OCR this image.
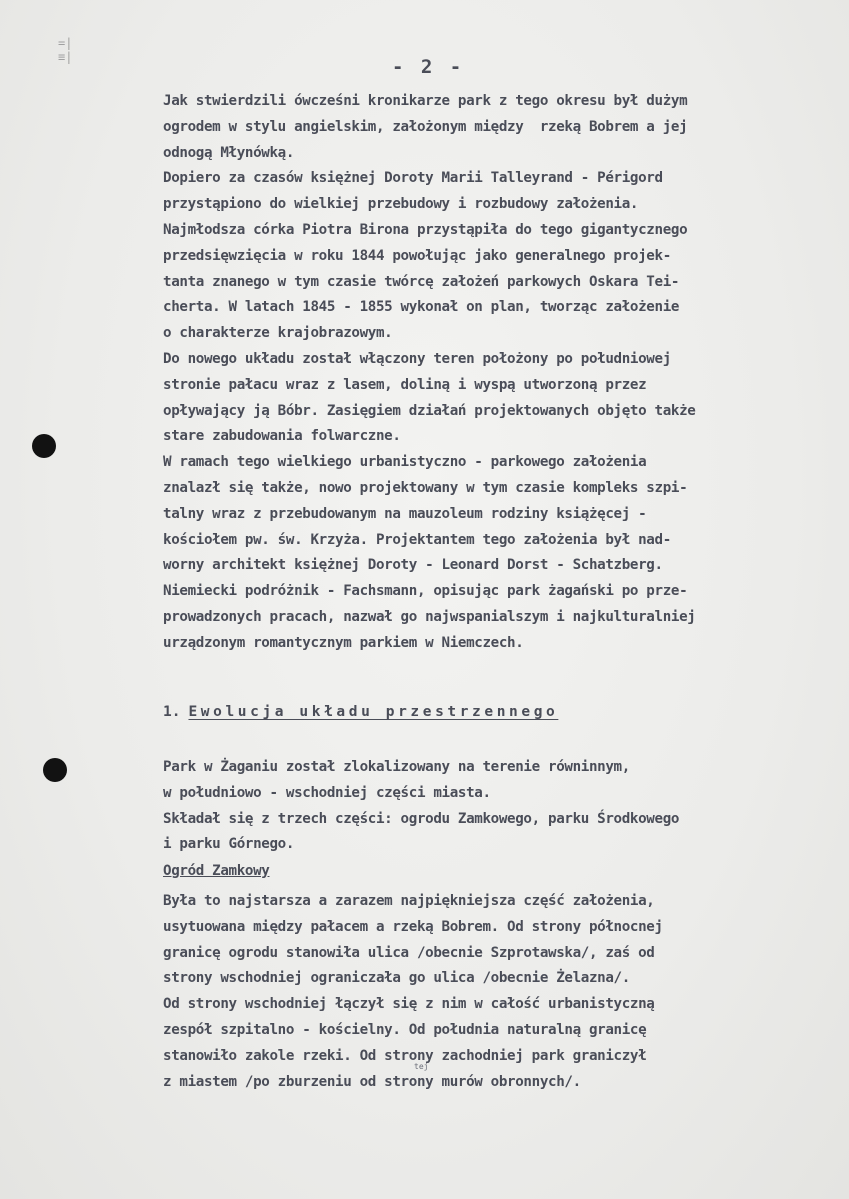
=|
≡|	- 2 -
Jak stwierdzili ówcześni kronikarze park z tego okresu był dużym
ogrodem w stylu angielskim, założonym między  rzeką Bobrem a jej
odnogą Młynówką.
Dopiero za czasów księżnej Doroty Marii Talleyrand - Périgord
przystąpiono do wielkiej przebudowy i rozbudowy założenia.
Najmłodsza córka Piotra Birona przystąpiła do tego gigantycznego
przedsięwzięcia w roku 1844 powołując jako generalnego projek-
tanta znanego w tym czasie twórcę założeń parkowych Oskara Tei-
cherta. W latach 1845 - 1855 wykonał on plan, tworząc założenie
o charakterze krajobrazowym.
Do nowego układu został włączony teren położony po południowej
stronie pałacu wraz z lasem, doliną i wyspą utworzoną przez
opływający ją Bóbr. Zasięgiem działań projektowanych objęto także
stare zabudowania folwarczne.
W ramach tego wielkiego urbanistyczno - parkowego założenia
znalazł się także, nowo projektowany w tym czasie kompleks szpi-
talny wraz z przebudowanym na mauzoleum rodziny książęcej -
kościołem pw. św. Krzyża. Projektantem tego założenia był nad-
worny architekt księżnej Doroty - Leonard Dorst - Schatzberg.
Niemiecki podróżnik - Fachsmann, opisując park żagański po prze-
prowadzonych pracach, nazwał go najwspanialszym i najkulturalniej
urządzonym romantycznym parkiem w Niemczech.
1. Ewolucja układu przestrzennego
Park w Żaganiu został zlokalizowany na terenie równinnym,
w południowo - wschodniej części miasta.
Składał się z trzech części: ogrodu Zamkowego, parku Środkowego
i parku Górnego.
Ogród Zamkowy
Była to najstarsza a zarazem najpiękniejsza część założenia,
usytuowana między pałacem a rzeką Bobrem. Od strony północnej
granicę ogrodu stanowiła ulica /obecnie Szprotawska/, zaś od
strony wschodniej ograniczała go ulica /obecnie Żelazna/.
Od strony wschodniej łączył się z nim w całość urbanistyczną
zespół szpitalno - kościelny. Od południa naturalną granicę
stanowiło zakole rzeki. Od strony zachodniej park graniczył
z miastem /po zburzeniu od strony murów obronnych/.
tej
